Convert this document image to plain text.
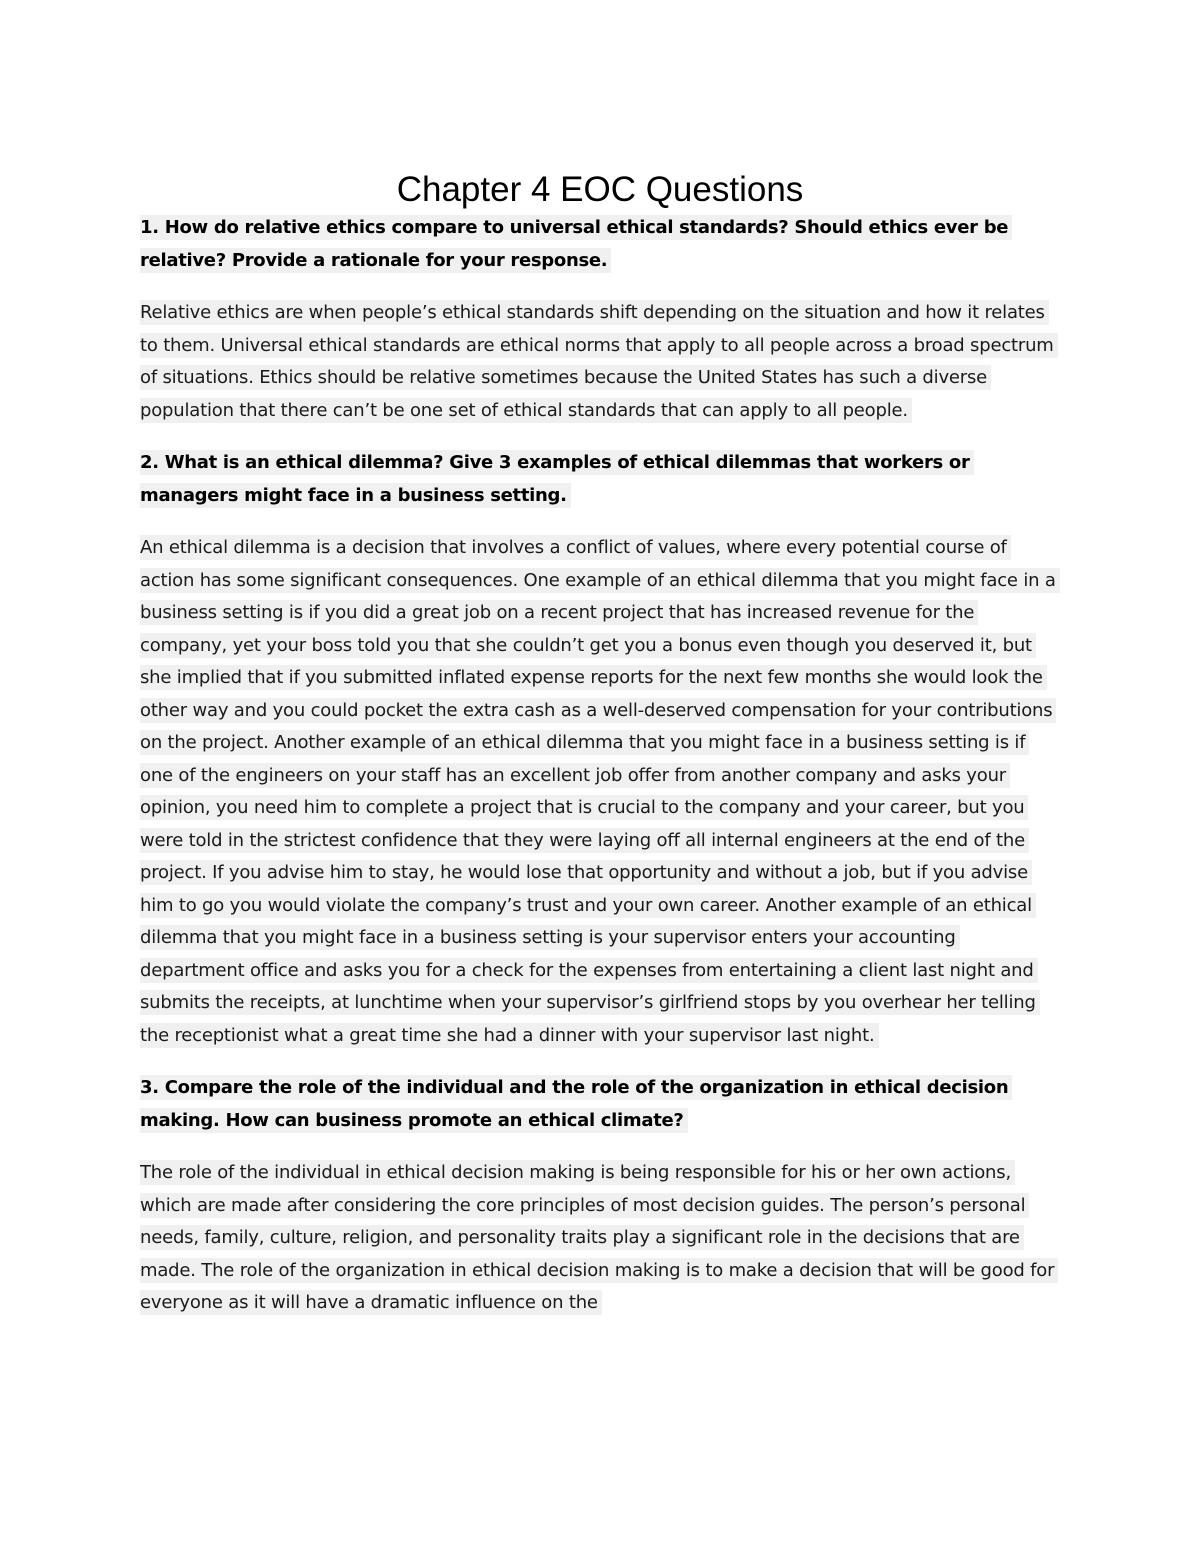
Chapter 4 EOC Questions

1. How do relative ethics compare to universal ethical standards? Should ethics ever be relative? Provide a rationale for your response.

Relative ethics are when people’s ethical standards shift depending on the situation and how it relates to them. Universal ethical standards are ethical norms that apply to all people across a broad spectrum of situations. Ethics should be relative sometimes because the United States has such a diverse population that there can’t be one set of ethical standards that can apply to all people.

2. What is an ethical dilemma? Give 3 examples of ethical dilemmas that workers or managers might face in a business setting.

An ethical dilemma is a decision that involves a conflict of values, where every potential course of action has some significant consequences. One example of an ethical dilemma that you might face in a business setting is if you did a great job on a recent project that has increased revenue for the company, yet your boss told you that she couldn’t get you a bonus even though you deserved it, but she implied that if you submitted inflated expense reports for the next few months she would look the other way and you could pocket the extra cash as a well-deserved compensation for your contributions on the project. Another example of an ethical dilemma that you might face in a business setting is if one of the engineers on your staff has an excellent job offer from another company and asks your opinion, you need him to complete a project that is crucial to the company and your career, but you were told in the strictest confidence that they were laying off all internal engineers at the end of the project. If you advise him to stay, he would lose that opportunity and without a job, but if you advise him to go you would violate the company’s trust and your own career. Another example of an ethical dilemma that you might face in a business setting is your supervisor enters your accounting department office and asks you for a check for the expenses from entertaining a client last night and submits the receipts, at lunchtime when your supervisor’s girlfriend stops by you overhear her telling the receptionist what a great time she had a dinner with your supervisor last night.

3. Compare the role of the individual and the role of the organization in ethical decision making. How can business promote an ethical climate?

The role of the individual in ethical decision making is being responsible for his or her own actions, which are made after considering the core principles of most decision guides. The person’s personal needs, family, culture, religion, and personality traits play a significant role in the decisions that are made. The role of the organization in ethical decision making is to make a decision that will be good for everyone as it will have a dramatic influence on the
